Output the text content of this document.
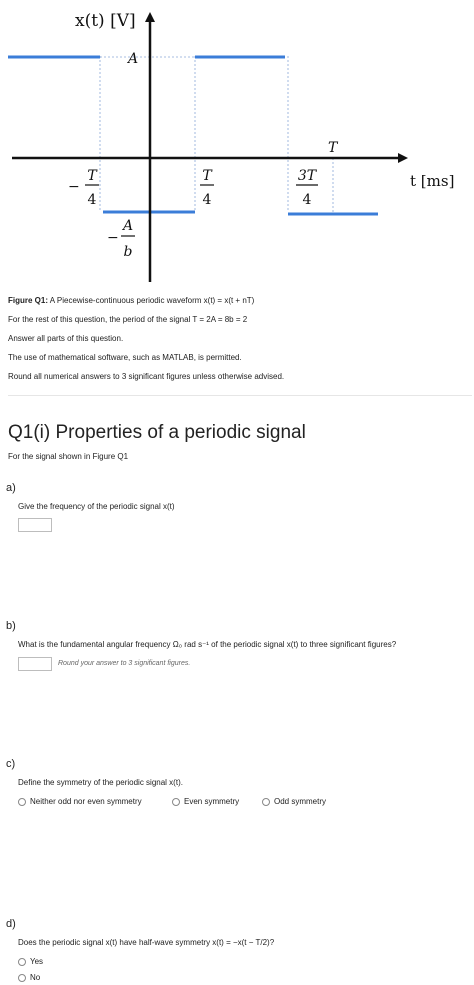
x(t) [V]
t [ms]
A
T
−
T
4
T
4
3T
4
−
A
b
Figure Q1: A Piecewise-continuous periodic waveform x(t) = x(t + nT)
For the rest of this question, the period of the signal T = 2A = 8b = 2
Answer all parts of this question.
The use of mathematical software, such as MATLAB, is permitted.
Round all numerical answers to 3 significant figures unless otherwise advised.
Q1(i) Properties of a periodic signal
For the signal shown in Figure Q1
a)
Give the frequency of the periodic signal x(t)
b)
What is the fundamental angular frequency Ω₀ rad s⁻¹ of the periodic signal x(t) to three significant figures?
Round your answer to 3 significant figures.
c)
Define the symmetry of the periodic signal x(t).
Neither odd nor even symmetry	Even symmetry	Odd symmetry
d)
Does the periodic signal x(t) have half-wave symmetry x(t) = −x(t − T/2)?
Yes
No
